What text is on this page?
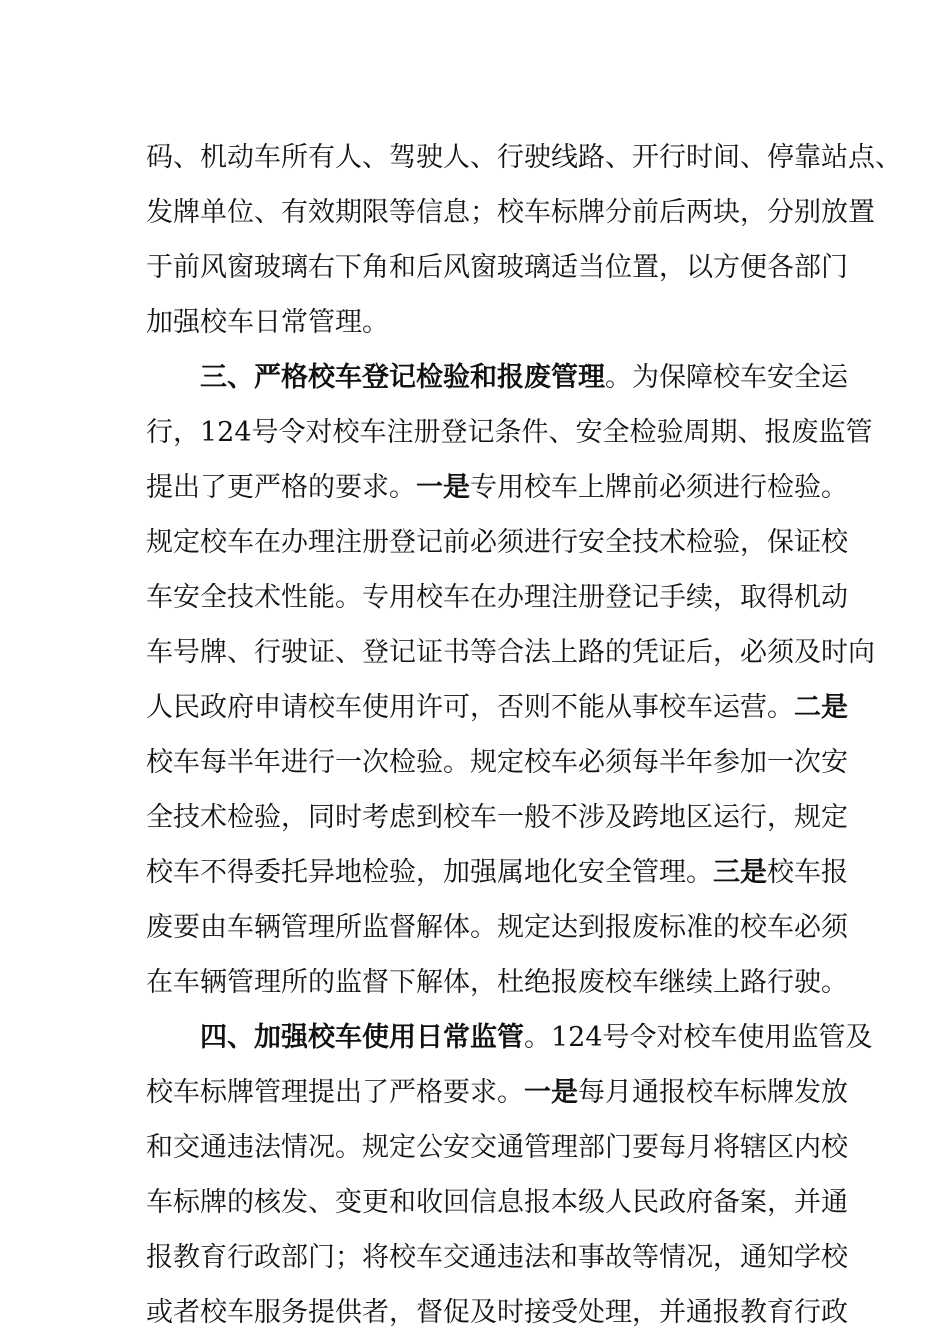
码、机动车所有人、驾驶人、行驶线路、开行时间、停靠站点、
发牌单位、有效期限等信息；校车标牌分前后两块，分别放置
于前风窗玻璃右下角和后风窗玻璃适当位置，以方便各部门
加强校车日常管理。
三、严格校车登记检验和报废管理。为保障校车安全运
行，124号令对校车注册登记条件、安全检验周期、报废监管
提出了更严格的要求。一是专用校车上牌前必须进行检验。
规定校车在办理注册登记前必须进行安全技术检验，保证校
车安全技术性能。专用校车在办理注册登记手续，取得机动
车号牌、行驶证、登记证书等合法上路的凭证后，必须及时向
人民政府申请校车使用许可，否则不能从事校车运营。二是
校车每半年进行一次检验。规定校车必须每半年参加一次安
全技术检验，同时考虑到校车一般不涉及跨地区运行，规定
校车不得委托异地检验，加强属地化安全管理。三是校车报
废要由车辆管理所监督解体。规定达到报废标准的校车必须
在车辆管理所的监督下解体，杜绝报废校车继续上路行驶。
四、加强校车使用日常监管。124号令对校车使用监管及
校车标牌管理提出了严格要求。一是每月通报校车标牌发放
和交通违法情况。规定公安交通管理部门要每月将辖区内校
车标牌的核发、变更和收回信息报本级人民政府备案，并通
报教育行政部门；将校车交通违法和事故等情况，通知学校
或者校车服务提供者，督促及时接受处理，并通报教育行政
